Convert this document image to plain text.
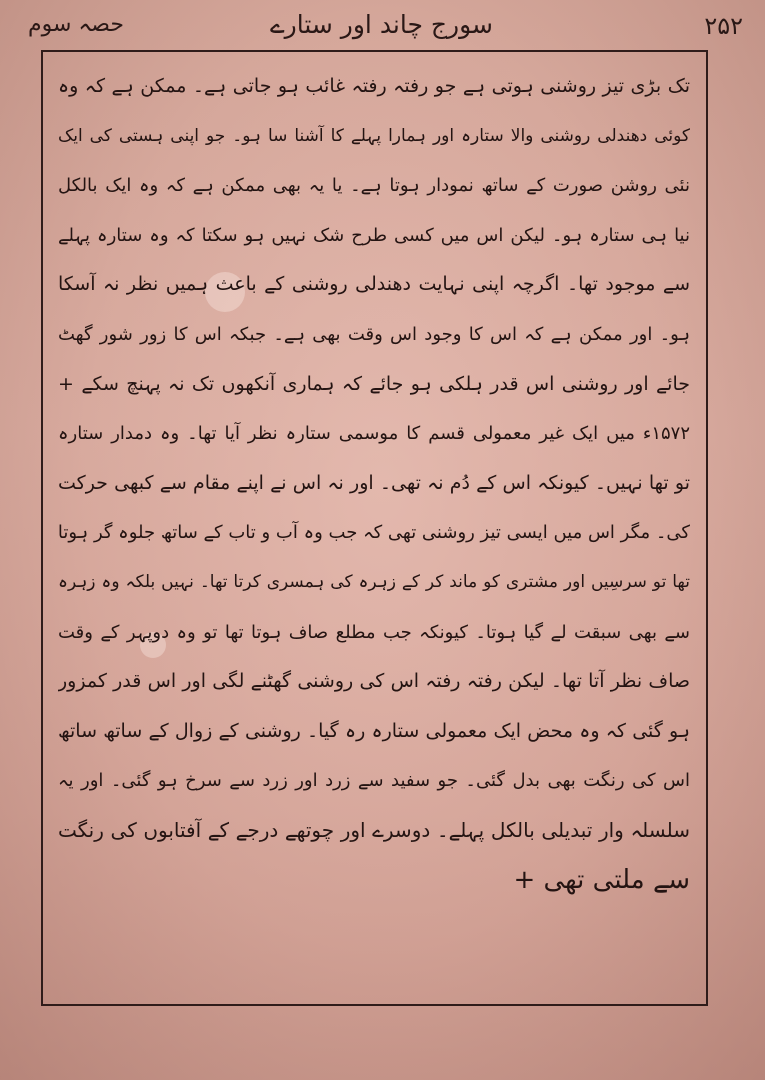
۲۵۲
سورج چاند اور ستارے
حصہ سوم
تک بڑی تیز روشنی ہوتی ہے جو رفتہ رفتہ غائب ہو جاتی ہے۔ ممکن ہے کہ وہ
کوئی دھندلی روشنی والا ستارہ اور ہمارا پہلے کا آشنا سا ہو۔ جو اپنی ہستی کی ایک
نئی روشن صورت کے ساتھ نمودار ہوتا ہے۔ یا یہ بھی ممکن ہے کہ وہ ایک بالکل
نیا ہی ستارہ ہو۔ لیکن اس میں کسی طرح شک نہیں ہو سکتا کہ وہ ستارہ پہلے
سے موجود تھا۔ اگرچہ اپنی نہایت دھندلی روشنی کے باعث ہمیں نظر نہ آسکا
ہو۔ اور ممکن ہے کہ اس کا وجود اس وقت بھی ہے۔ جبکہ اس کا زور شور گھٹ
جائے اور روشنی اس قدر ہلکی ہو جائے کہ ہماری آنکھوں تک نہ پہنچ سکے +
۱۵۷۲ء میں ایک غیر معمولی قسم کا موسمی ستارہ نظر آیا تھا۔ وہ دمدار ستارہ
تو تھا نہیں۔ کیونکہ اس کے دُم نہ تھی۔ اور نہ اس نے اپنے مقام سے کبھی حرکت
کی۔ مگر اس میں ایسی تیز روشنی تھی کہ جب وہ آب و تاب کے ساتھ جلوہ گر ہوتا
تھا تو سرسِیں اور مشتری کو ماند کر کے زہرہ کی ہمسری کرتا تھا۔ نہیں بلکہ وہ زہرہ
سے بھی سبقت لے گیا ہوتا۔ کیونکہ جب مطلع صاف ہوتا تھا تو وہ دوپہر کے وقت
صاف نظر آتا تھا۔ لیکن رفتہ رفتہ اس کی روشنی گھٹنے لگی اور اس قدر کمزور
ہو گئی کہ وہ محض ایک معمولی ستارہ رہ گیا۔ روشنی کے زوال کے ساتھ ساتھ
اس کی رنگت بھی بدل گئی۔ جو سفید سے زرد اور زرد سے سرخ ہو گئی۔ اور یہ
سلسلہ وار تبدیلی بالکل پہلے۔ دوسرے اور چوتھے درجے کے آفتابوں کی رنگت
سے ملتی تھی +
